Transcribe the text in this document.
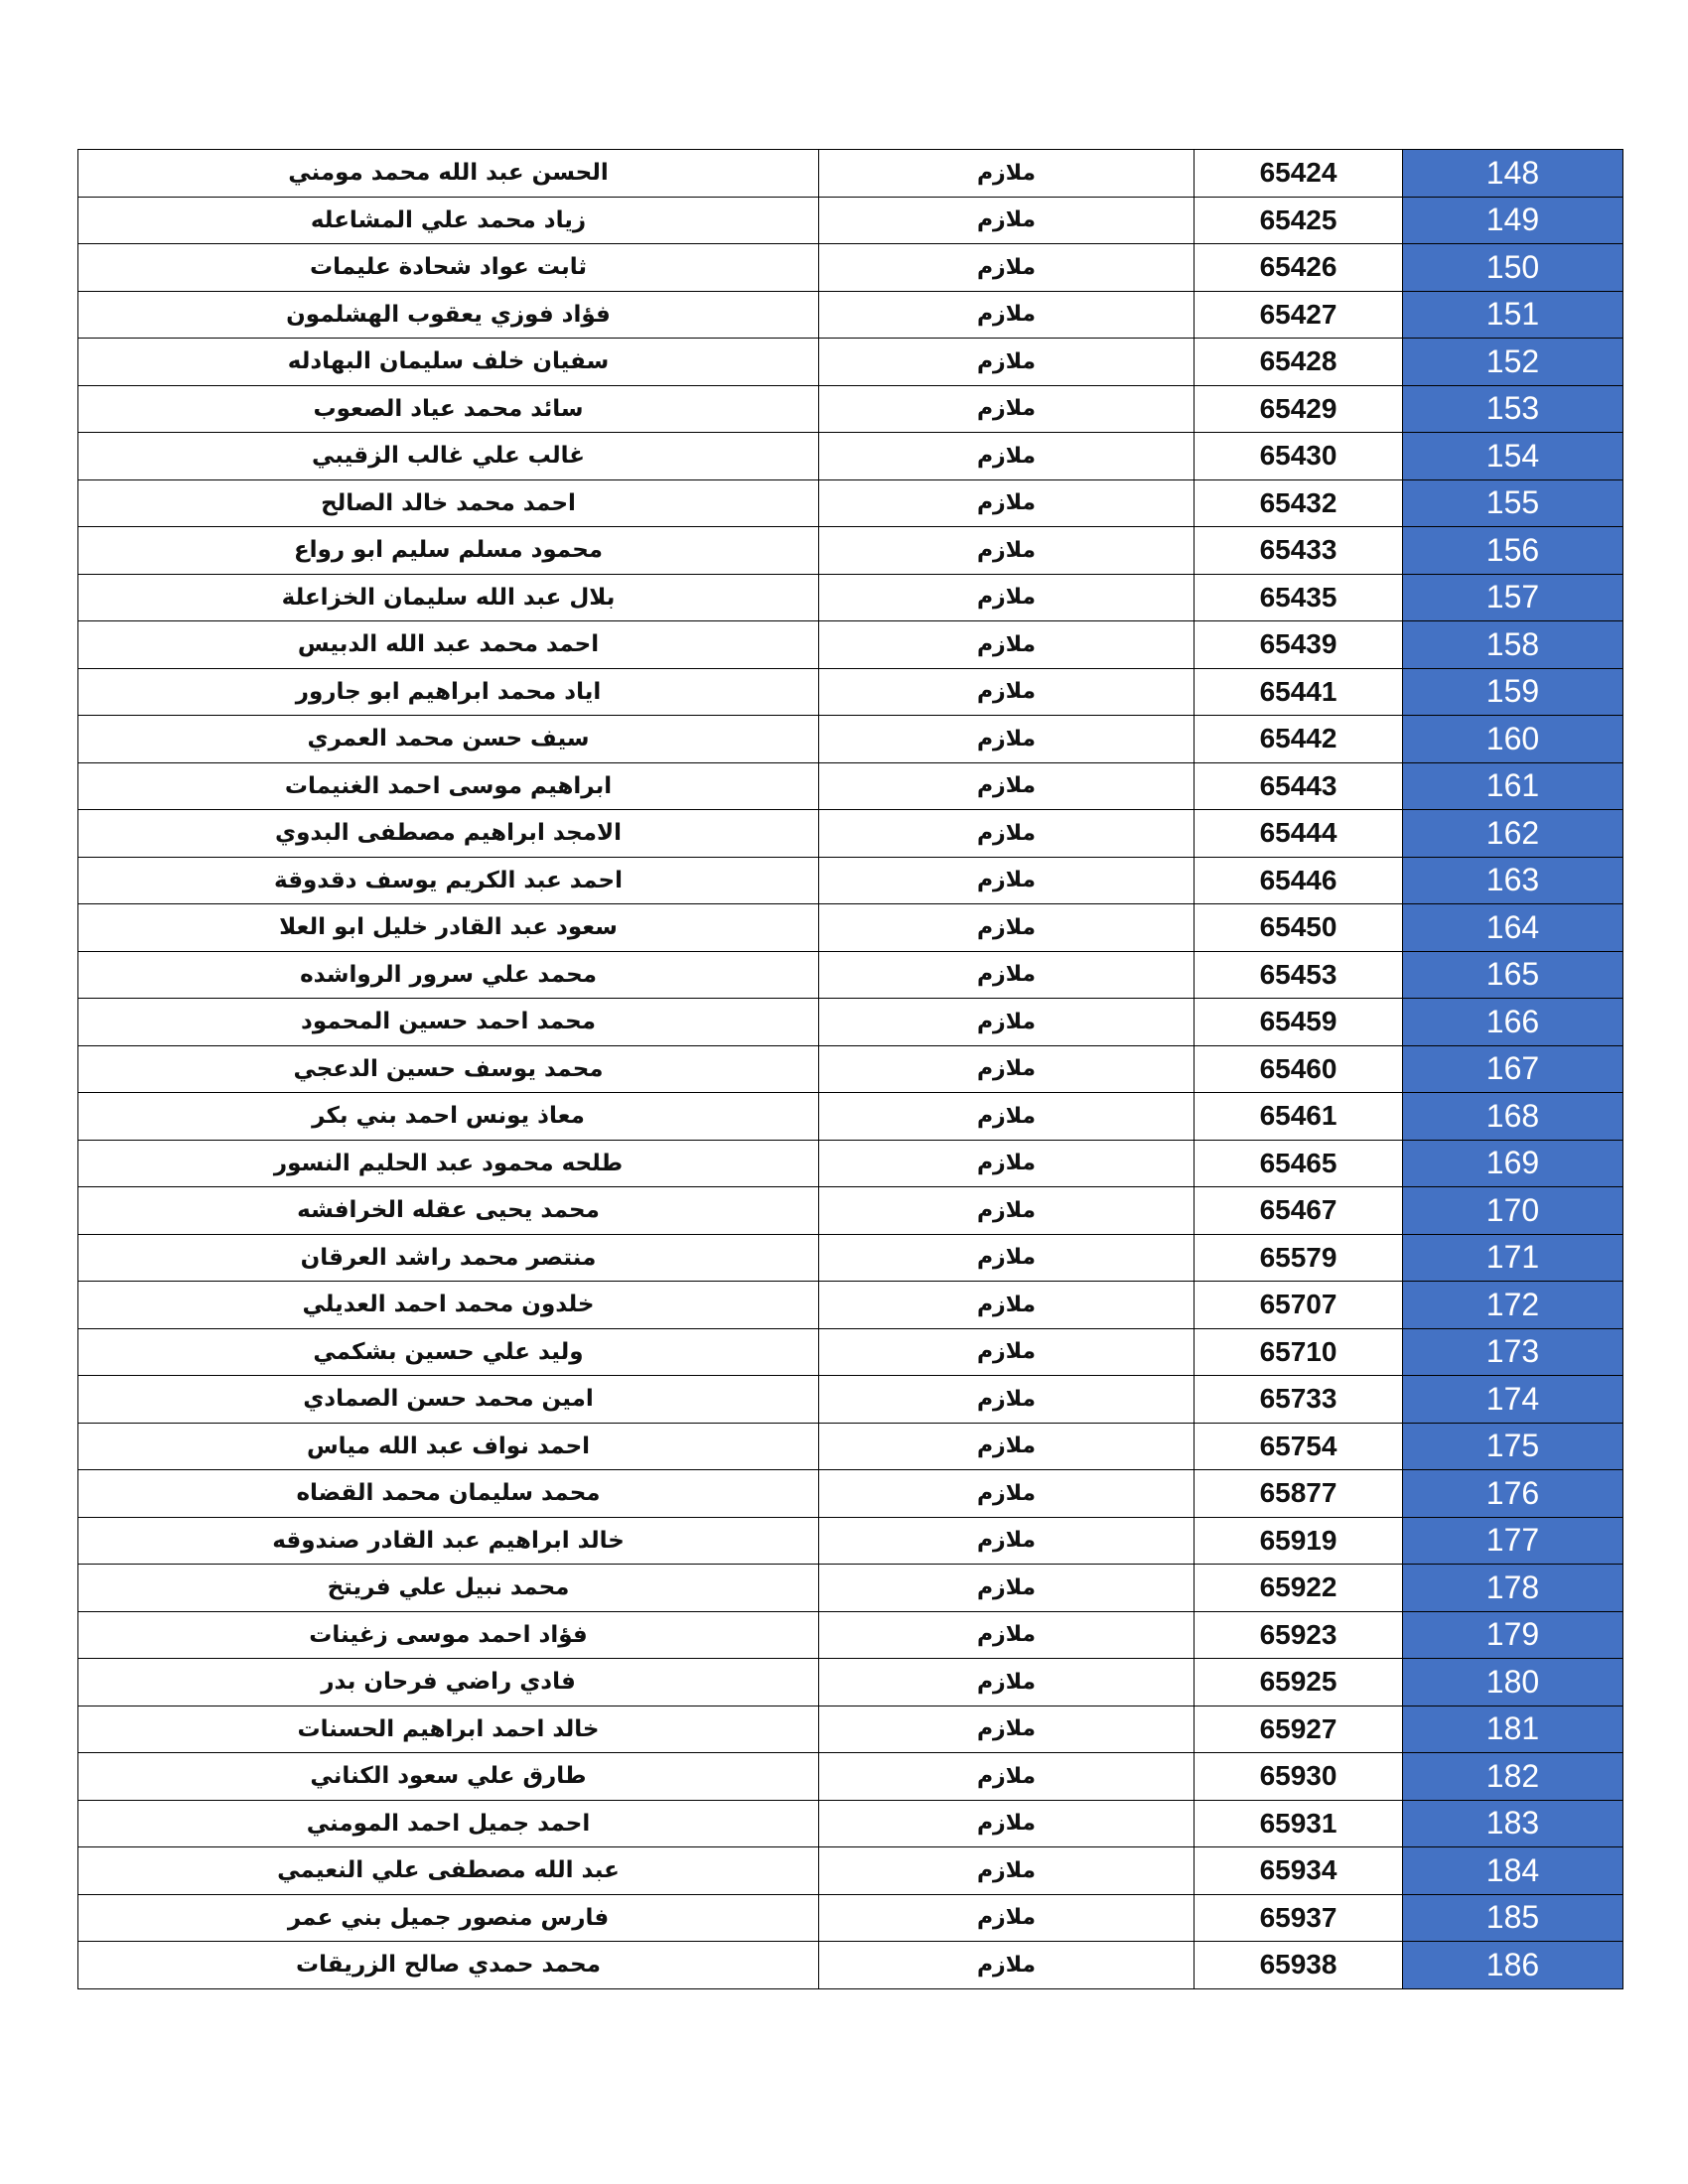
الحسن عبد الله محمد مومني	ملازم	65424	148
زياد محمد علي المشاعله	ملازم	65425	149
ثابت عواد شحادة عليمات	ملازم	65426	150
فؤاد فوزي يعقوب الهشلمون	ملازم	65427	151
سفيان خلف سليمان البهادله	ملازم	65428	152
سائد محمد عياد الصعوب	ملازم	65429	153
غالب علي غالب الزقيبي	ملازم	65430	154
احمد محمد خالد الصالح	ملازم	65432	155
محمود مسلم سليم ابو رواع	ملازم	65433	156
بلال عبد الله سليمان الخزاعلة	ملازم	65435	157
احمد محمد عبد الله الدبيس	ملازم	65439	158
اياد محمد ابراهيم ابو جارور	ملازم	65441	159
سيف حسن محمد العمري	ملازم	65442	160
ابراهيم موسى احمد الغنيمات	ملازم	65443	161
الامجد ابراهيم مصطفى البدوي	ملازم	65444	162
احمد عبد الكريم يوسف دقدوقة	ملازم	65446	163
سعود عبد القادر خليل ابو العلا	ملازم	65450	164
محمد علي سرور الرواشده	ملازم	65453	165
محمد احمد حسين المحمود	ملازم	65459	166
محمد يوسف حسين الدعجي	ملازم	65460	167
معاذ يونس احمد بني بكر	ملازم	65461	168
طلحه محمود عبد الحليم النسور	ملازم	65465	169
محمد يحيى عقله الخرافشه	ملازم	65467	170
منتصر محمد راشد العرقان	ملازم	65579	171
خلدون محمد احمد العديلي	ملازم	65707	172
وليد علي حسين بشكمي	ملازم	65710	173
امين محمد حسن الصمادي	ملازم	65733	174
احمد نواف عبد الله مياس	ملازم	65754	175
محمد سليمان محمد القضاه	ملازم	65877	176
خالد ابراهيم عبد القادر صندوقه	ملازم	65919	177
محمد نبيل علي فريتخ	ملازم	65922	178
فؤاد احمد موسى زغينات	ملازم	65923	179
فادي راضي فرحان بدر	ملازم	65925	180
خالد احمد ابراهيم الحسنات	ملازم	65927	181
طارق علي سعود الكناني	ملازم	65930	182
احمد جميل احمد المومني	ملازم	65931	183
عبد الله مصطفى علي النعيمي	ملازم	65934	184
فارس منصور جميل بني عمر	ملازم	65937	185
محمد حمدي صالح الزريقات	ملازم	65938	186
